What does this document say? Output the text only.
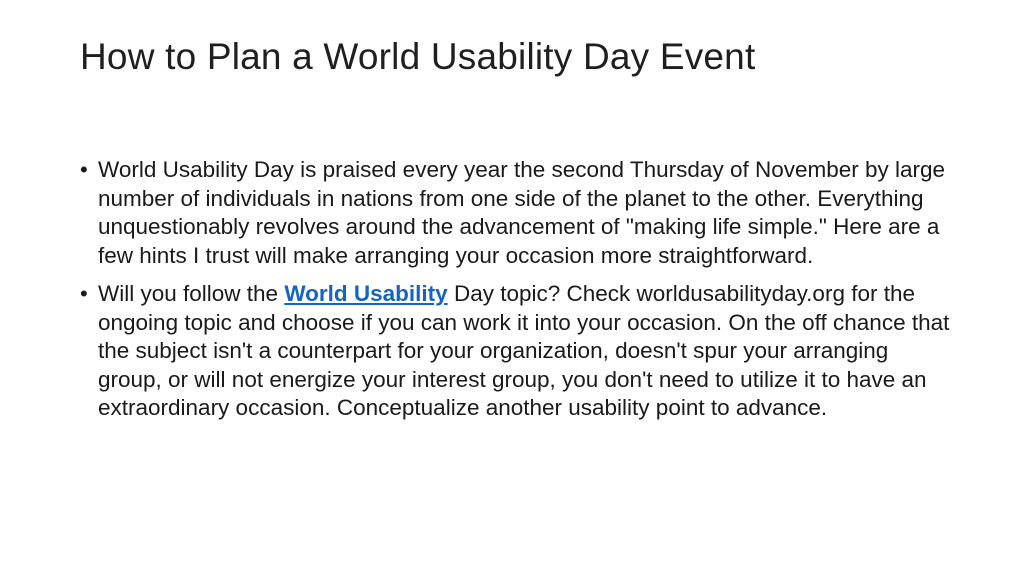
How to Plan a World Usability Day Event
• World Usability Day is praised every year the second Thursday of November by large number of individuals in nations from one side of the planet to the other. Everything unquestionably revolves around the advancement of "making life simple." Here are a few hints I trust will make arranging your occasion more straightforward.
• Will you follow the World Usability Day topic? Check worldusabilityday.org for the ongoing topic and choose if you can work it into your occasion. On the off chance that the subject isn't a counterpart for your organization, doesn't spur your arranging group, or will not energize your interest group, you don't need to utilize it to have an extraordinary occasion. Conceptualize another usability point to advance.
